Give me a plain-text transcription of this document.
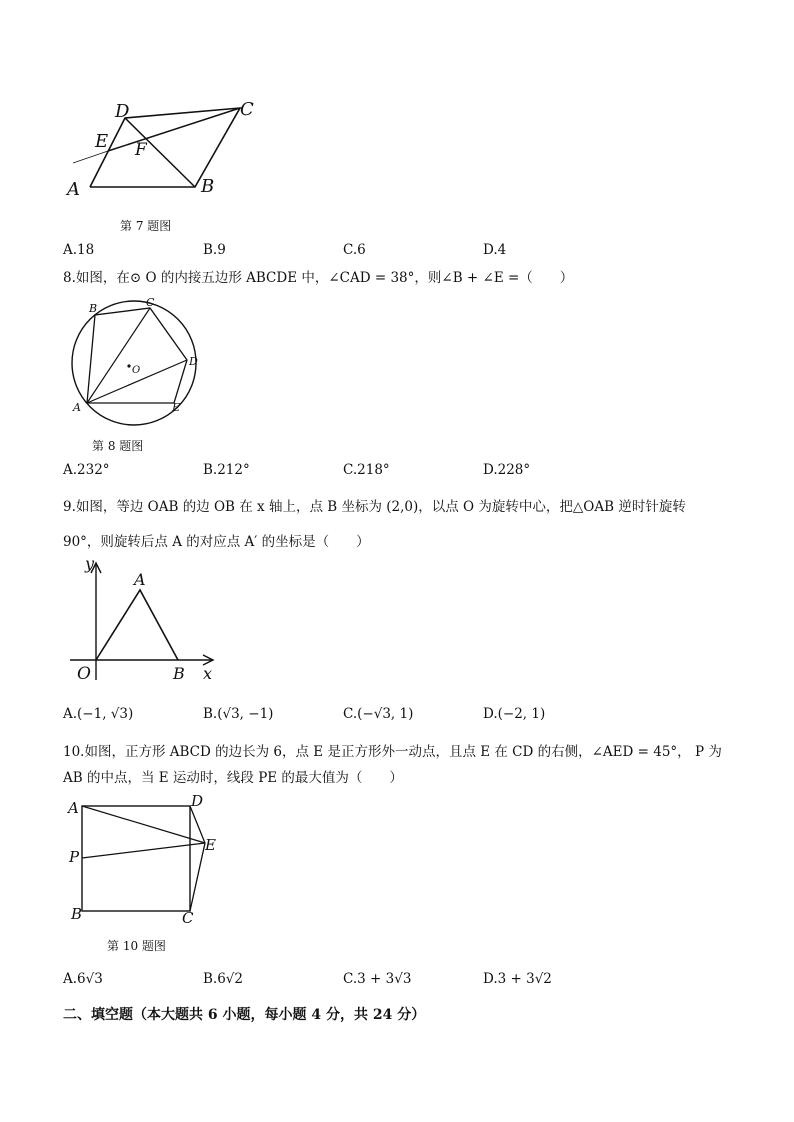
A	B
C
D
E F
第 7 题图
A.18	B.9	C.6	D.4
8.如图，在⊙ O 的内接五边形 ABCDE 中，∠CAD = 38°，则∠B + ∠E =（　　）
A
B	C
D
E
O
第 8 题图
A.232°	B.212°	C.218°	D.228°
9.如图，等边 OAB 的边 OB 在 x 轴上，点 B 坐标为 (2,0)，以点 O 为旋转中心，把△OAB 逆时针旋转
90°，则旋转后点 A 的对应点 A′ 的坐标是（　　）
y
x
O
A
B
A.(−1, √3)	B.(√3, −1)	C.(−√3, 1)	D.(−2, 1)
10.如图，正方形 ABCD 的边长为 6，点 E 是正方形外一动点，且点 E 在 CD 的右侧，∠AED = 45°， P 为
AB 的中点，当 E 运动时，线段 PE 的最大值为（　　）
A	D
E
P
B	C
第 10 题图
A.6√3	B.6√2	C.3 + 3√3	D.3 + 3√2
二、填空题（本大题共 6 小题，每小题 4 分，共 24 分）
